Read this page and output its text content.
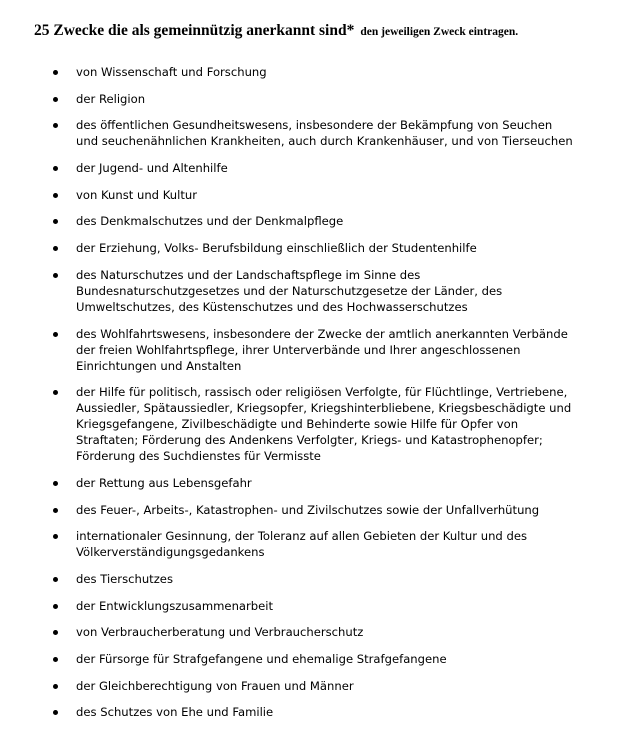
25 Zwecke die als gemeinnützig anerkannt sind* den jeweiligen Zweck eintragen.
von Wissenschaft und Forschung
der Religion
des öffentlichen Gesundheitswesens, insbesondere der Bekämpfung von Seuchen und seuchenähnlichen Krankheiten, auch durch Krankenhäuser, und von Tierseuchen
der Jugend- und Altenhilfe
von Kunst und Kultur
des Denkmalschutzes und der Denkmalpflege
der Erziehung, Volks- Berufsbildung einschließlich der Studentenhilfe
des Naturschutzes und der Landschaftspflege im Sinne des Bundesnaturschutzgesetzes und der Naturschutzgesetze der Länder, des Umweltschutzes, des Küstenschutzes und des Hochwasserschutzes
des Wohlfahrtswesens, insbesondere der Zwecke der amtlich anerkannten Verbände der freien Wohlfahrtspflege, ihrer Unterverbände und Ihrer angeschlossenen Einrichtungen und Anstalten
der Hilfe für politisch, rassisch oder religiösen Verfolgte, für Flüchtlinge, Vertriebene, Aussiedler, Spätaussiedler, Kriegsopfer, Kriegshinterbliebene, Kriegsbeschädigte und Kriegsgefangene, Zivilbeschädigte und Behinderte sowie Hilfe für Opfer von Straftaten; Förderung des Andenkens Verfolgter, Kriegs- und Katastrophenopfer; Förderung des Suchdienstes für Vermisste
der Rettung aus Lebensgefahr
des Feuer-, Arbeits-, Katastrophen- und Zivilschutzes sowie der Unfallverhütung
internationaler Gesinnung, der Toleranz auf allen Gebieten der Kultur und des Völkerverständigungsgedankens
des Tierschutzes
der Entwicklungszusammenarbeit
von Verbraucherberatung und Verbraucherschutz
der Fürsorge für Strafgefangene und ehemalige Strafgefangene
der Gleichberechtigung von Frauen und Männer
des Schutzes von Ehe und Familie
